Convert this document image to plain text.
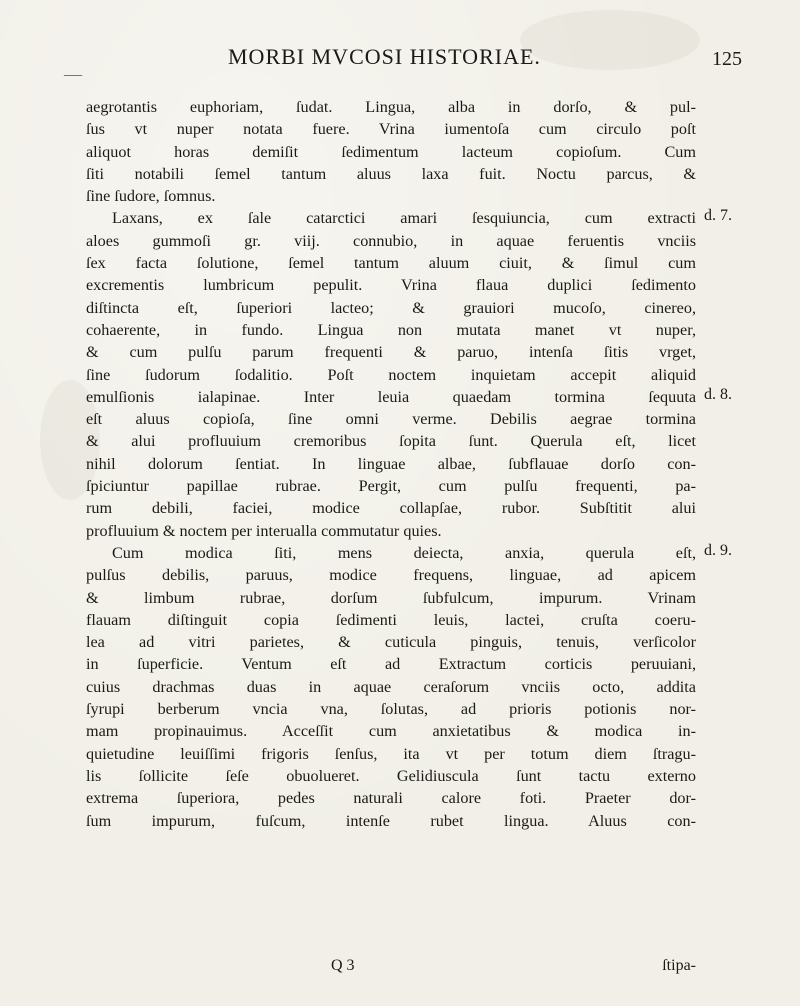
—
MORBI MVCOSI HISTORIAE.	125
aegrotantis euphoriam, ſudat. Lingua, alba in dorſo, & pul-
ſus vt nuper notata fuere. Vrina iumentoſa cum circulo poſt
aliquot horas demiſit ſedimentum lacteum copioſum. Cum
ſiti notabili ſemel tantum aluus laxa fuit. Noctu parcus, &
ſine ſudore, ſomnus.
Laxans, ex ſale catarctici amari ſesquiuncia, cum extracti
aloes gummoſi gr. viij. connubio, in aquae feruentis vnciis
ſex facta ſolutione, ſemel tantum aluum ciuit, & ſimul cum
excrementis lumbricum pepulit. Vrina flaua duplici ſedimento
diſtincta eſt, ſuperiori lacteo; & grauiori mucoſo, cinereo,
cohaerente, in fundo. Lingua non mutata manet vt nuper,
& cum pulſu parum frequenti & paruo, intenſa ſitis vrget,
ſine ſudorum ſodalitio. Poſt noctem inquietam accepit aliquid
emulſionis ialapinae. Inter leuia quaedam tormina ſequuta
eſt aluus copioſa, ſine omni verme. Debilis aegrae tormina
& alui profluuium cremoribus ſopita ſunt. Querula eſt, licet
nihil dolorum ſentiat. In linguae albae, ſubflauae dorſo con-
ſpiciuntur papillae rubrae. Pergit, cum pulſu frequenti, pa-
rum debili, faciei, modice collapſae, rubor. Subſtitit alui
profluuium & noctem per interualla commutatur quies.
Cum modica ſiti, mens deiecta, anxia, querula eſt,
pulſus debilis, paruus, modice frequens, linguae, ad apicem
& limbum rubrae, dorſum ſubfulcum, impurum. Vrinam
flauam diſtinguit copia ſedimenti leuis, lactei, cruſta coeru-
lea ad vitri parietes, & cuticula pinguis, tenuis, verſicolor
in ſuperficie. Ventum eſt ad Extractum corticis peruuiani,
cuius drachmas duas in aquae ceraſorum vnciis octo, addita
ſyrupi berberum vncia vna, ſolutas, ad prioris potionis nor-
mam propinauimus. Acceſſit cum anxietatibus & modica in-
quietudine leuiſſimi frigoris ſenſus, ita vt per totum diem ſtragu-
lis ſollicite ſeſe obuolueret. Gelidiuscula ſunt tactu externo
extrema ſuperiora, pedes naturali calore foti. Praeter dor-
ſum impurum, fuſcum, intenſe rubet lingua. Aluus con-
d. 7.
d. 8.
d. 9.
Q 3	ſtipa-
